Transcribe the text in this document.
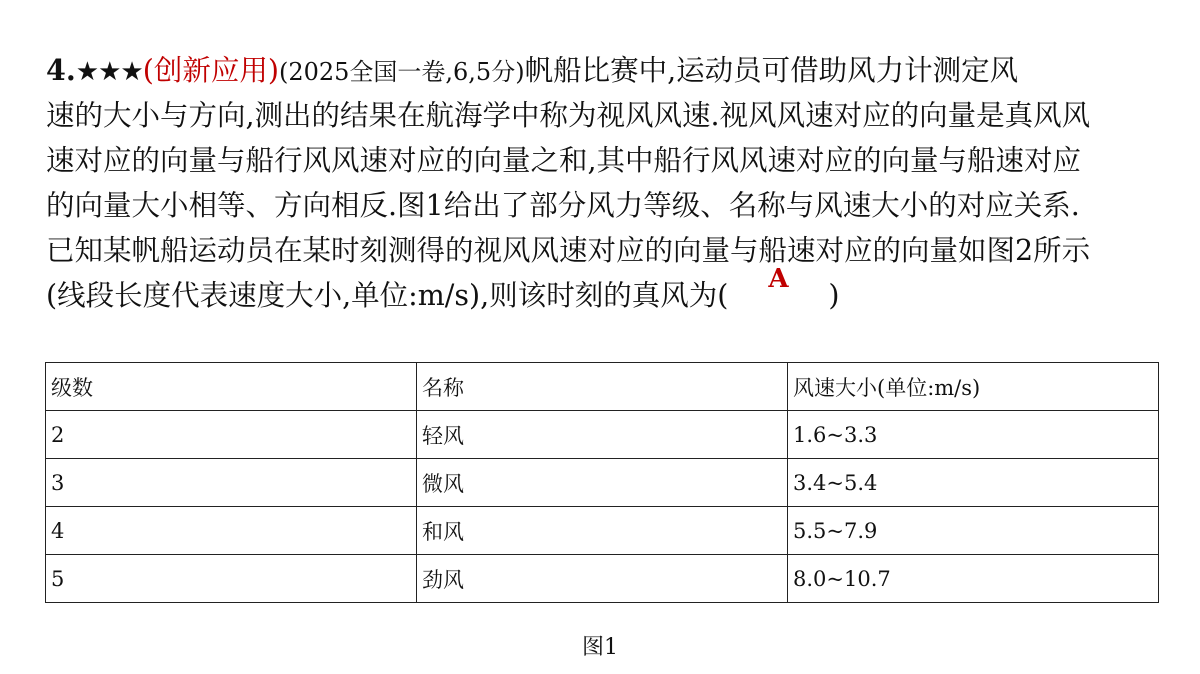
4.★★★(创新应用)(2025全国一卷,6,5分)帆船比赛中,运动员可借助风力计测定风
速的大小与方向,测出的结果在航海学中称为视风风速.视风风速对应的向量是真风风
速对应的向量与船行风风速对应的向量之和,其中船行风风速对应的向量与船速对应
的向量大小相等、方向相反.图1给出了部分风力等级、名称与风速大小的对应关系.
已知某帆船运动员在某时刻测得的视风风速对应的向量与船速对应的向量如图2所示
(线段长度代表速度大小,单位:m/s),则该时刻的真风为( A )
级数	名称	风速大小(单位:m/s)
2	轻风	1.6~3.3
3	微风	3.4~5.4
4	和风	5.5~7.9
5	劲风	8.0~10.7
图1
